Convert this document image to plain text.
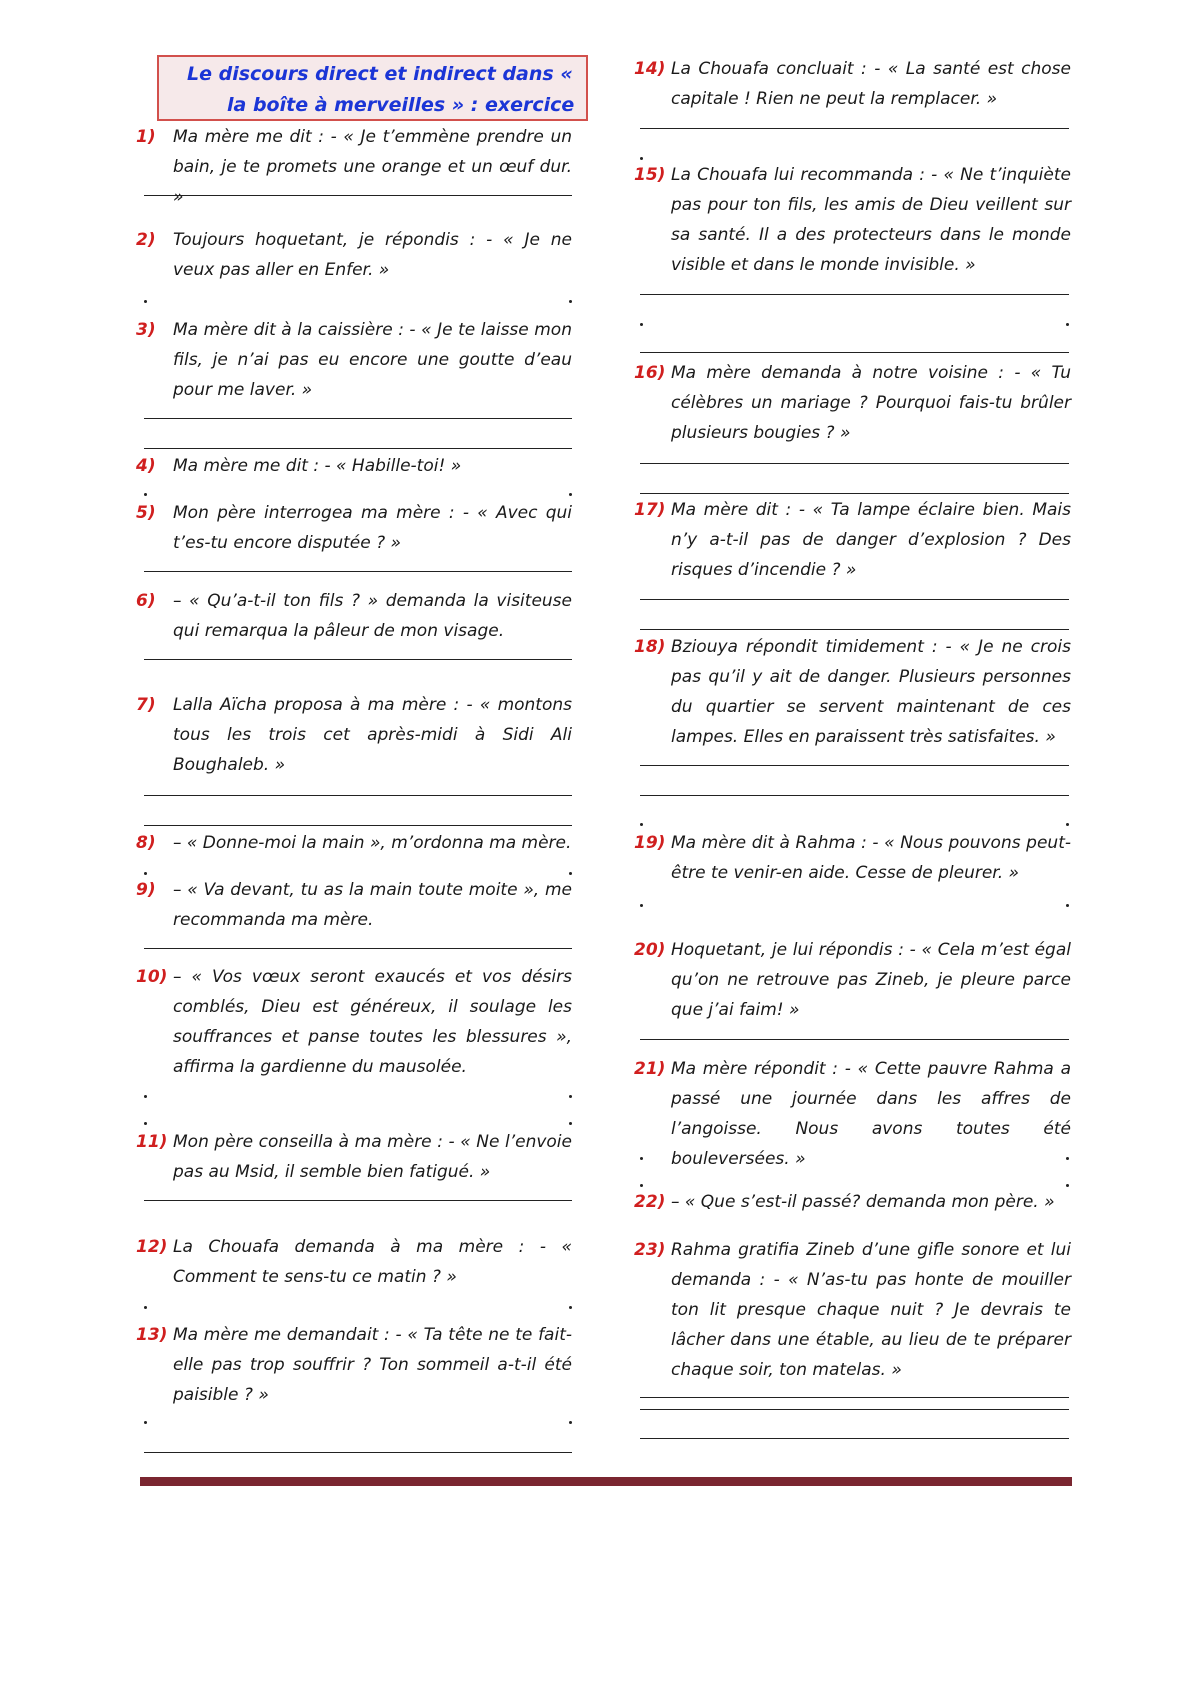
Le discours direct et indirect dans «
la boîte à merveilles » : exercice
1) Ma mère me dit : - « Je t’emmène prendre un bain, je te promets une orange et un œuf dur. »
2) Toujours hoquetant, je répondis : - « Je ne veux pas aller en Enfer. »
3) Ma mère dit à la caissière : - « Je te laisse mon fils, je n’ai pas eu encore une goutte d’eau pour me laver. »
4) Ma mère me dit : - « Habille-toi! »
5) Mon père interrogea ma mère : - « Avec qui t’es-tu encore disputée ? »
6) – « Qu’a-t-il ton fils ? » demanda la visiteuse qui remarqua la pâleur de mon visage.
7) Lalla Aïcha proposa à ma mère : - « montons tous les trois cet après-midi à Sidi Ali Boughaleb. »
8) – « Donne-moi la main », m’ordonna ma mère.
9) – « Va devant, tu as la main toute moite », me recommanda ma mère.
10) – « Vos vœux seront exaucés et vos désirs comblés, Dieu est généreux, il soulage les souffrances et panse toutes les blessures », affirma la gardienne du mausolée.
11) Mon père conseilla à ma mère : - « Ne l’envoie pas au Msid, il semble bien fatigué. »
12) La Chouafa demanda à ma mère : - « Comment te sens-tu ce matin ? »
13) Ma mère me demandait : - « Ta tête ne te fait-elle pas trop souffrir ? Ton sommeil a-t-il été paisible ? »
14) La Chouafa concluait : - « La santé est chose capitale ! Rien ne peut la remplacer. »
15) La Chouafa lui recommanda : - « Ne t’inquiète pas pour ton fils, les amis de Dieu veillent sur sa santé. Il a des protecteurs dans le monde visible et dans le monde invisible. »
16) Ma mère demanda à notre voisine : - « Tu célèbres un mariage ? Pourquoi fais-tu brûler plusieurs bougies ? »
17) Ma mère dit : - « Ta lampe éclaire bien. Mais n’y a-t-il pas de danger d’explosion ? Des risques d’incendie ? »
18) Bziouya répondit timidement : - « Je ne crois pas qu’il y ait de danger. Plusieurs personnes du quartier se servent maintenant de ces lampes. Elles en paraissent très satisfaites. »
19) Ma mère dit à Rahma : - « Nous pouvons peut-être te venir-en aide. Cesse de pleurer. »
20) Hoquetant, je lui répondis : - « Cela m’est égal qu’on ne retrouve pas Zineb, je pleure parce que j’ai faim! »
21) Ma mère répondit : - « Cette pauvre Rahma a passé une journée dans les affres de l’angoisse. Nous avons toutes été bouleversées. »
22) – « Que s’est-il passé? demanda mon père. »
23) Rahma gratifia Zineb d’une gifle sonore et lui demanda : - « N’as-tu pas honte de mouiller ton lit presque chaque nuit ? Je devrais te lâcher dans une étable, au lieu de te préparer chaque soir, ton matelas. »
